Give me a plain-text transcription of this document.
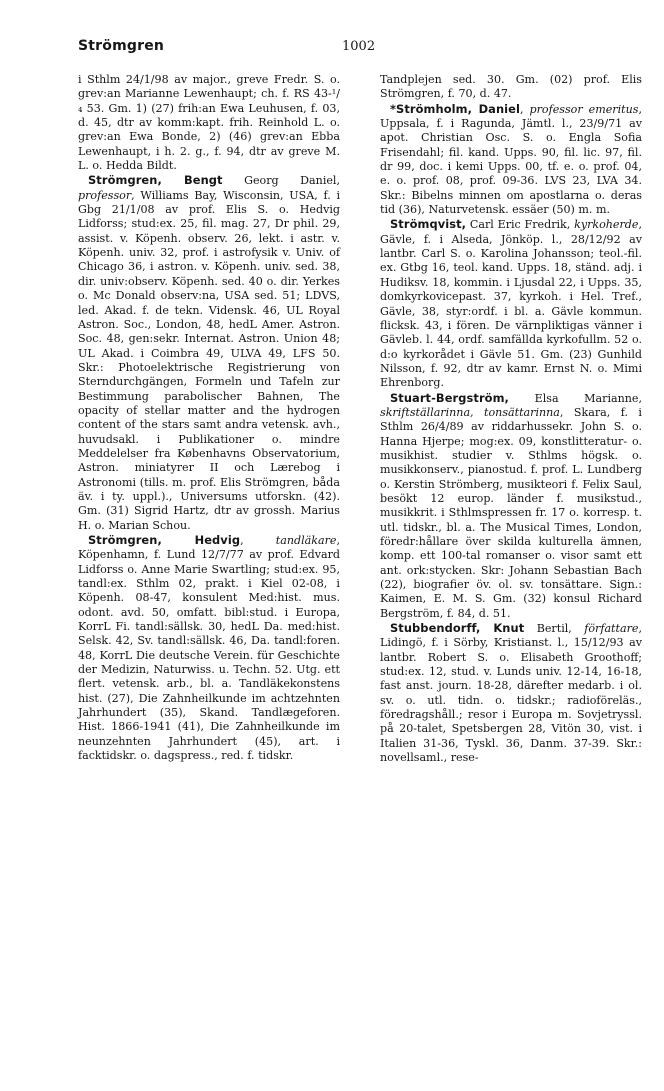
Strömgren	1002

i Sthlm 24/1/98 av major., greve Fredr. S. o. grev:an Marianne Lewenhaupt; ch. f. RS 43-¹/₄ 53. Gm. 1) (27) frih:an Ewa Leuhusen, f. 03, d. 45, dtr av komm:kapt. frih. Reinhold L. o. grev:an Ewa Bonde, 2) (46) grev:an Ebba Lewenhaupt, i h. 2. g., f. 94, dtr av greve M. L. o. Hedda Bildt.

Strömgren, Bengt Georg Daniel, professor, Williams Bay, Wisconsin, USA, f. i Gbg 21/1/08 av prof. Elis S. o. Hedvig Lidforss; stud:ex. 25, fil. mag. 27, Dr phil. 29, assist. v. Köpenh. observ. 26, lekt. i astr. v. Köpenh. univ. 32, prof. i astrofysik v. Univ. of Chicago 36, i astron. v. Köpenh. univ. sed. 38, dir. univ:observ. Köpenh. sed. 40 o. dir. Yerkes o. Mc Donald observ:na, USA sed. 51; LDVS, led. Akad. f. de tekn. Vidensk. 46, UL Royal Astron. Soc., London, 48, hedL Amer. Astron. Soc. 48, gen:sekr. Internat. Astron. Union 48; UL Akad. i Coimbra 49, ULVA 49, LFS 50. Skr.: Photoelektrische Registrierung von Sterndurchgängen, Formeln und Tafeln zur Bestimmung parabolischer Bahnen, The opacity of stellar matter and the hydrogen content of the stars samt andra vetensk. avh., huvudsakl. i Publikationer o. mindre Meddelelser fra Københavns Observatorium, Astron. miniatyrer II och Lærebog i Astronomi (tills. m. prof. Elis Strömgren, båda äv. i ty. uppl.)., Universums utforskn. (42). Gm. (31) Sigrid Hartz, dtr av grossh. Marius H. o. Marian Schou.

Strömgren, Hedvig, tandläkare, Köpenhamn, f. Lund 12/7/77 av prof. Edvard Lidforss o. Anne Marie Swartling; stud:ex. 95, tandl:ex. Sthlm 02, prakt. i Kiel 02-08, i Köpenh. 08-47, konsulent Med:hist. mus. odont. avd. 50, omfatt. bibl:stud. i Europa, KorrL Fi. tandl:sällsk. 30, hedL Da. med:hist. Selsk. 42, Sv. tandl:sällsk. 46, Da. tandl:foren. 48, KorrL Die deutsche Verein. für Geschichte der Medizin, Naturwiss. u. Techn. 52. Utg. ett flert. vetensk. arb., bl. a. Tandläkekonstens hist. (27), Die Zahnheilkunde im achtzehnten Jahrhundert (35), Skand. Tandlægeforen. Hist. 1866-1941 (41), Die Zahnheilkunde im neunzehnten Jahrhundert (45), art. i facktidskr. o. dagspress., red. f. tidskr.

Tandplejen sed. 30. Gm. (02) prof. Elis Strömgren, f. 70, d. 47.

*Strömholm, Daniel, professor emeritus, Uppsala, f. i Ragunda, Jämtl. l., 23/9/71 av apot. Christian Osc. S. o. Engla Sofia Frisendahl; fil. kand. Upps. 90, fil. lic. 97, fil. dr 99, doc. i kemi Upps. 00, tf. e. o. prof. 04, e. o. prof. 08, prof. 09-36. LVS 23, LVA 34. Skr.: Bibelns minnen om apostlarna o. deras tid (36), Naturvetensk. essäer (50) m. m.

Strömqvist, Carl Eric Fredrik, kyrkoherde, Gävle, f. i Alseda, Jönköp. l., 28/12/92 av lantbr. Carl S. o. Karolina Johansson; teol.-fil. ex. Gtbg 16, teol. kand. Upps. 18, ständ. adj. i Hudiksv. 18, kommin. i Ljusdal 22, i Upps. 35, domkyrkovicepast. 37, kyrkoh. i Hel. Tref., Gävle, 38, styr:ordf. i bl. a. Gävle kommun. flicksk. 43, i fören. De värnpliktigas vänner i Gävleb. l. 44, ordf. samfällda kyrkofullm. 52 o. d:o kyrkorådet i Gävle 51. Gm. (23) Gunhild Nilsson, f. 92, dtr av kamr. Ernst N. o. Mimi Ehrenborg.

Stuart-Bergström, Elsa Marianne, skriftställarinna, tonsättarinna, Skara, f. i Sthlm 26/4/89 av riddarhussekr. John S. o. Hanna Hjerpe; mog:ex. 09, konstlitteratur- o. musikhist. studier v. Sthlms högsk. o. musikkonserv., pianostud. f. prof. L. Lundberg o. Kerstin Strömberg, musikteori f. Felix Saul, besökt 12 europ. länder f. musikstud., musikkrit. i Sthlmspressen fr. 17 o. korresp. t. utl. tidskr., bl. a. The Musical Times, London, föredr:hållare över skilda kulturella ämnen, komp. ett 100-tal romanser o. visor samt ett ant. ork:stycken. Skr: Johann Sebastian Bach (22), biografier öv. ol. sv. tonsättare. Sign.: Kaimen, E. M. S. Gm. (32) konsul Richard Bergström, f. 84, d. 51.

Stubbendorff, Knut Bertil, författare, Lidingö, f. i Sörby, Kristianst. l., 15/12/93 av lantbr. Robert S. o. Elisabeth Groothoff; stud:ex. 12, stud. v. Lunds univ. 12-14, 16-18, fast anst. journ. 18-28, därefter medarb. i ol. sv. o. utl. tidn. o. tidskr.; radioföreläs., föredragshåll.; resor i Europa m. Sovjetryssl. på 20-talet, Spetsbergen 28, Vitön 30, vist. i Italien 31-36, Tyskl. 36, Danm. 37-39. Skr.: novellsaml., rese-
